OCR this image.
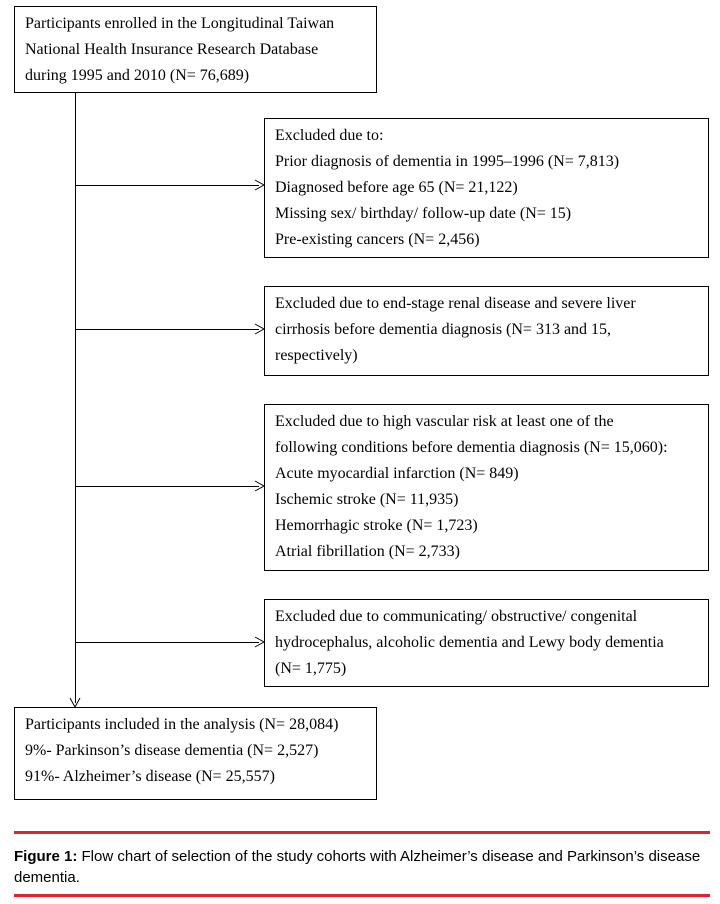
Participants enrolled in the Longitudinal Taiwan
National Health Insurance Research Database
during 1995 and 2010 (N= 76,689)
Excluded due to:
Prior diagnosis of dementia in 1995–1996 (N= 7,813)
Diagnosed before age 65 (N= 21,122)
Missing sex/ birthday/ follow-up date (N= 15)
Pre-existing cancers (N= 2,456)
Excluded due to end-stage renal disease and severe liver
cirrhosis before dementia diagnosis (N= 313 and 15,
respectively)
Excluded due to high vascular risk at least one of the
following conditions before dementia diagnosis (N= 15,060):
Acute myocardial infarction (N= 849)
Ischemic stroke (N= 11,935)
Hemorrhagic stroke (N= 1,723)
Atrial fibrillation (N= 2,733)
Excluded due to communicating/ obstructive/ congenital
hydrocephalus, alcoholic dementia and Lewy body dementia
(N= 1,775)
Participants included in the analysis (N= 28,084)
9%- Parkinson’s disease dementia (N= 2,527)
91%- Alzheimer’s disease (N= 25,557)
Figure 1: Flow chart of selection of the study cohorts with Alzheimer’s disease and Parkinson’s disease dementia.
